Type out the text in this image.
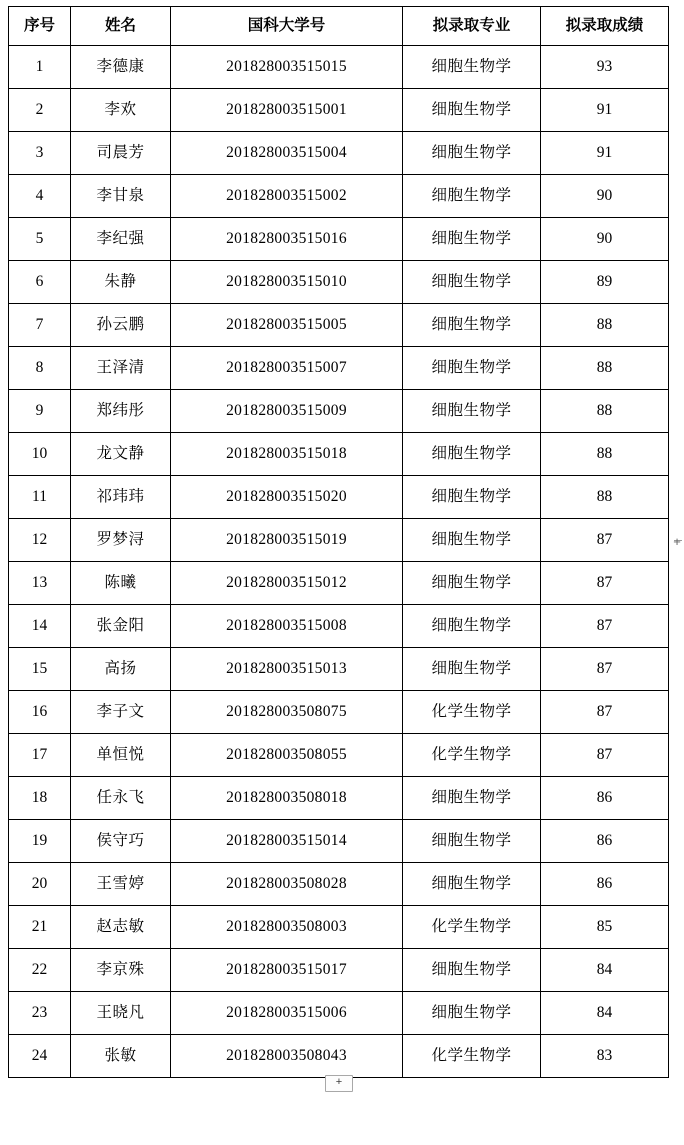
序号	姓名	国科大学号	拟录取专业	拟录取成绩
1	李德康	201828003515015	细胞生物学	93
2	李欢	201828003515001	细胞生物学	91
3	司晨芳	201828003515004	细胞生物学	91
4	李甘泉	201828003515002	细胞生物学	90
5	李纪强	201828003515016	细胞生物学	90
6	朱静	201828003515010	细胞生物学	89
7	孙云鹏	201828003515005	细胞生物学	88
8	王泽清	201828003515007	细胞生物学	88
9	郑纬彤	201828003515009	细胞生物学	88
10	龙文静	201828003515018	细胞生物学	88
11	祁玮玮	201828003515020	细胞生物学	88
12	罗梦浔	201828003515019	细胞生物学	87
13	陈曦	201828003515012	细胞生物学	87
14	张金阳	201828003515008	细胞生物学	87
15	高扬	201828003515013	细胞生物学	87
16	李子文	201828003508075	化学生物学	87
17	单恒悦	201828003508055	化学生物学	87
18	任永飞	201828003508018	细胞生物学	86
19	侯守巧	201828003515014	细胞生物学	86
20	王雪婷	201828003508028	细胞生物学	86
21	赵志敏	201828003508003	化学生物学	85
22	李京殊	201828003515017	细胞生物学	84
23	王晓凡	201828003515006	细胞生物学	84
24	张敏	201828003508043	化学生物学	83
+
+
